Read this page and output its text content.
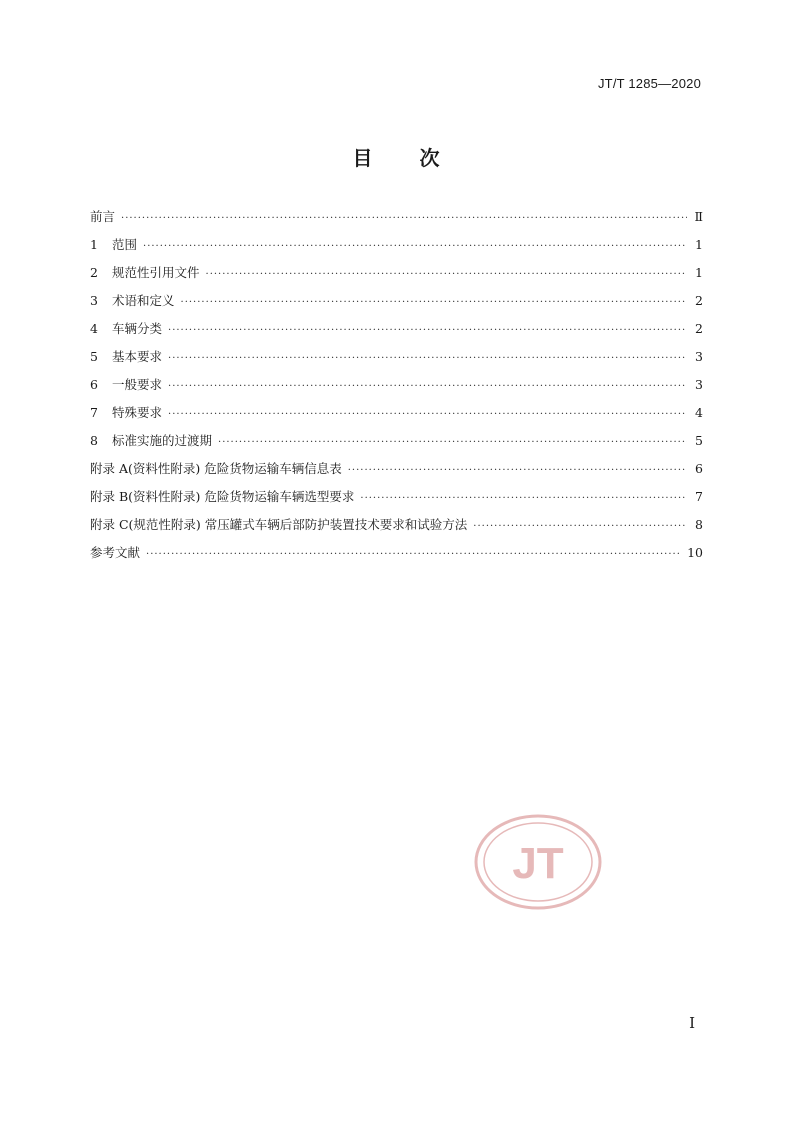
JT/T 1285—2020
目 次
前言 ·····	Ⅱ
1	范围 ·····	1
2	规范性引用文件 ·····	1
3	术语和定义 ·····	2
4	车辆分类 ·····	2
5	基本要求 ·····	3
6	一般要求 ·····	3
7	特殊要求 ·····	4
8	标准实施的过渡期 ·····	5
附录 A(资料性附录) 危险货物运输车辆信息表 ·····	6
附录 B(资料性附录) 危险货物运输车辆选型要求 ·····	7
附录 C(规范性附录) 常压罐式车辆后部防护装置技术要求和试验方法 ·····	8
参考文献 ·····	10
JT
I
